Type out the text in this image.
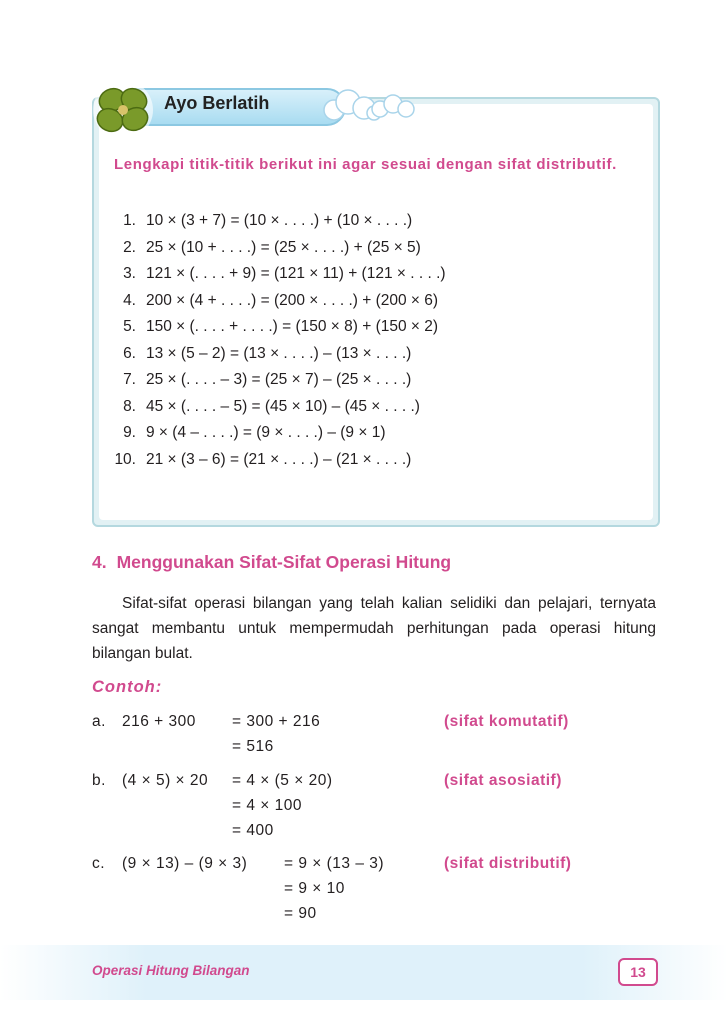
Ayo Berlatih
Lengkapi titik-titik berikut ini agar sesuai dengan sifat distributif.
1. 10 × (3 + 7) = (10 × . . . .) + (10 × . . . .)
2. 25 × (10 + . . . .) = (25 × . . . .) + (25 × 5)
3. 121 × (. . . . + 9) = (121 × 11) + (121 × . . . .)
4. 200 × (4 + . . . .) = (200 × . . . .) + (200 × 6)
5. 150 × (. . . . + . . . .) = (150 × 8) + (150 × 2)
6. 13 × (5 – 2) = (13 × . . . .) – (13 × . . . .)
7. 25 × (. . . . – 3) = (25 × 7) – (25 × . . . .)
8. 45 × (. . . . – 5) = (45 × 10) – (45 × . . . .)
9. 9 × (4 – . . . .) = (9 × . . . .) – (9 × 1)
10. 21 × (3 – 6) = (21 × . . . .) – (21 × . . . .)
4. Menggunakan Sifat-Sifat Operasi Hitung
Sifat-sifat operasi bilangan yang telah kalian selidiki dan pelajari, ternyata sangat membantu untuk mempermudah perhitungan pada operasi hitung bilangan bulat.
Contoh:
a. 216 + 300 = 300 + 216
= 516
(sifat komutatif)
b. (4 × 5) × 20 = 4 × (5 × 20)
= 4 × 100
= 400
(sifat asosiatif)
c. (9 × 13) – (9 × 3) = 9 × (13 – 3)
= 9 × 10
= 90
(sifat distributif)
Operasi Hitung Bilangan	13
